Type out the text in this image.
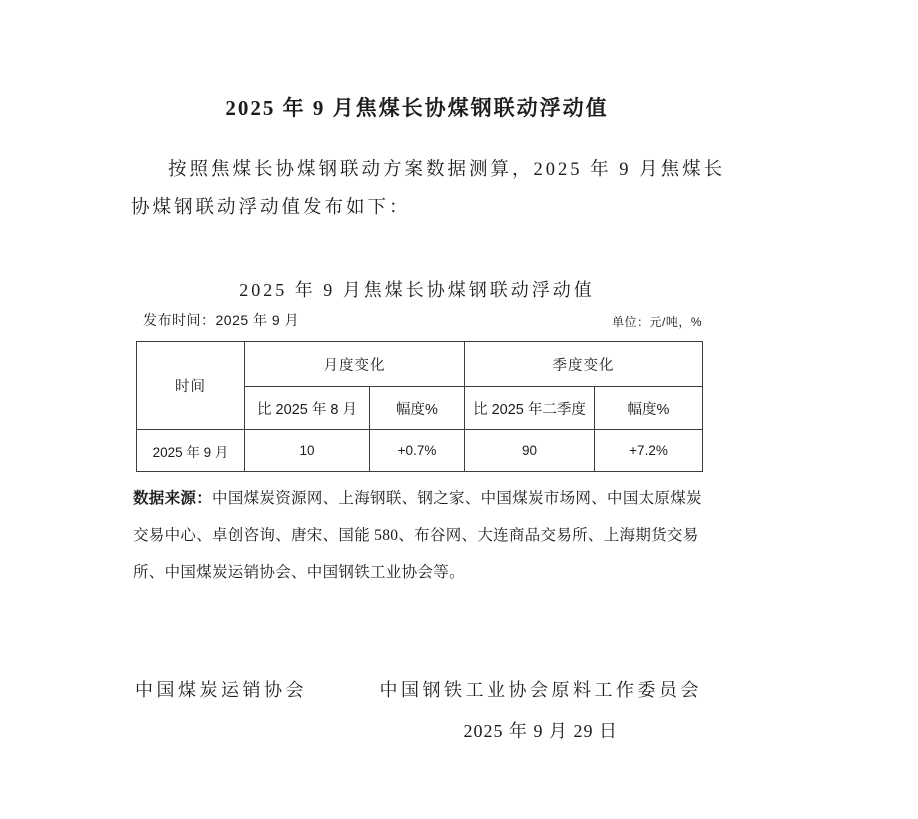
2025 年 9 月焦煤长协煤钢联动浮动值
按照焦煤长协煤钢联动方案数据测算，2025 年 9 月焦煤长
协煤钢联动浮动值发布如下：
2025 年 9 月焦煤长协煤钢联动浮动值
发布时间：2025 年 9 月	单位：元/吨，%
时间	月度变化		季度变化	
	比 2025 年 8 月	幅度%	比 2025 年二季度	幅度%
2025 年 9 月	10	+0.7%	90	+7.2%
数据来源：中国煤炭资源网、上海钢联、钢之家、中国煤炭市场网、中国太原煤炭
交易中心、卓创咨询、唐宋、国能 580、布谷网、大连商品交易所、上海期货交易
所、中国煤炭运销协会、中国钢铁工业协会等。
中国煤炭运销协会	中国钢铁工业协会原料工作委员会
2025 年 9 月 29 日
